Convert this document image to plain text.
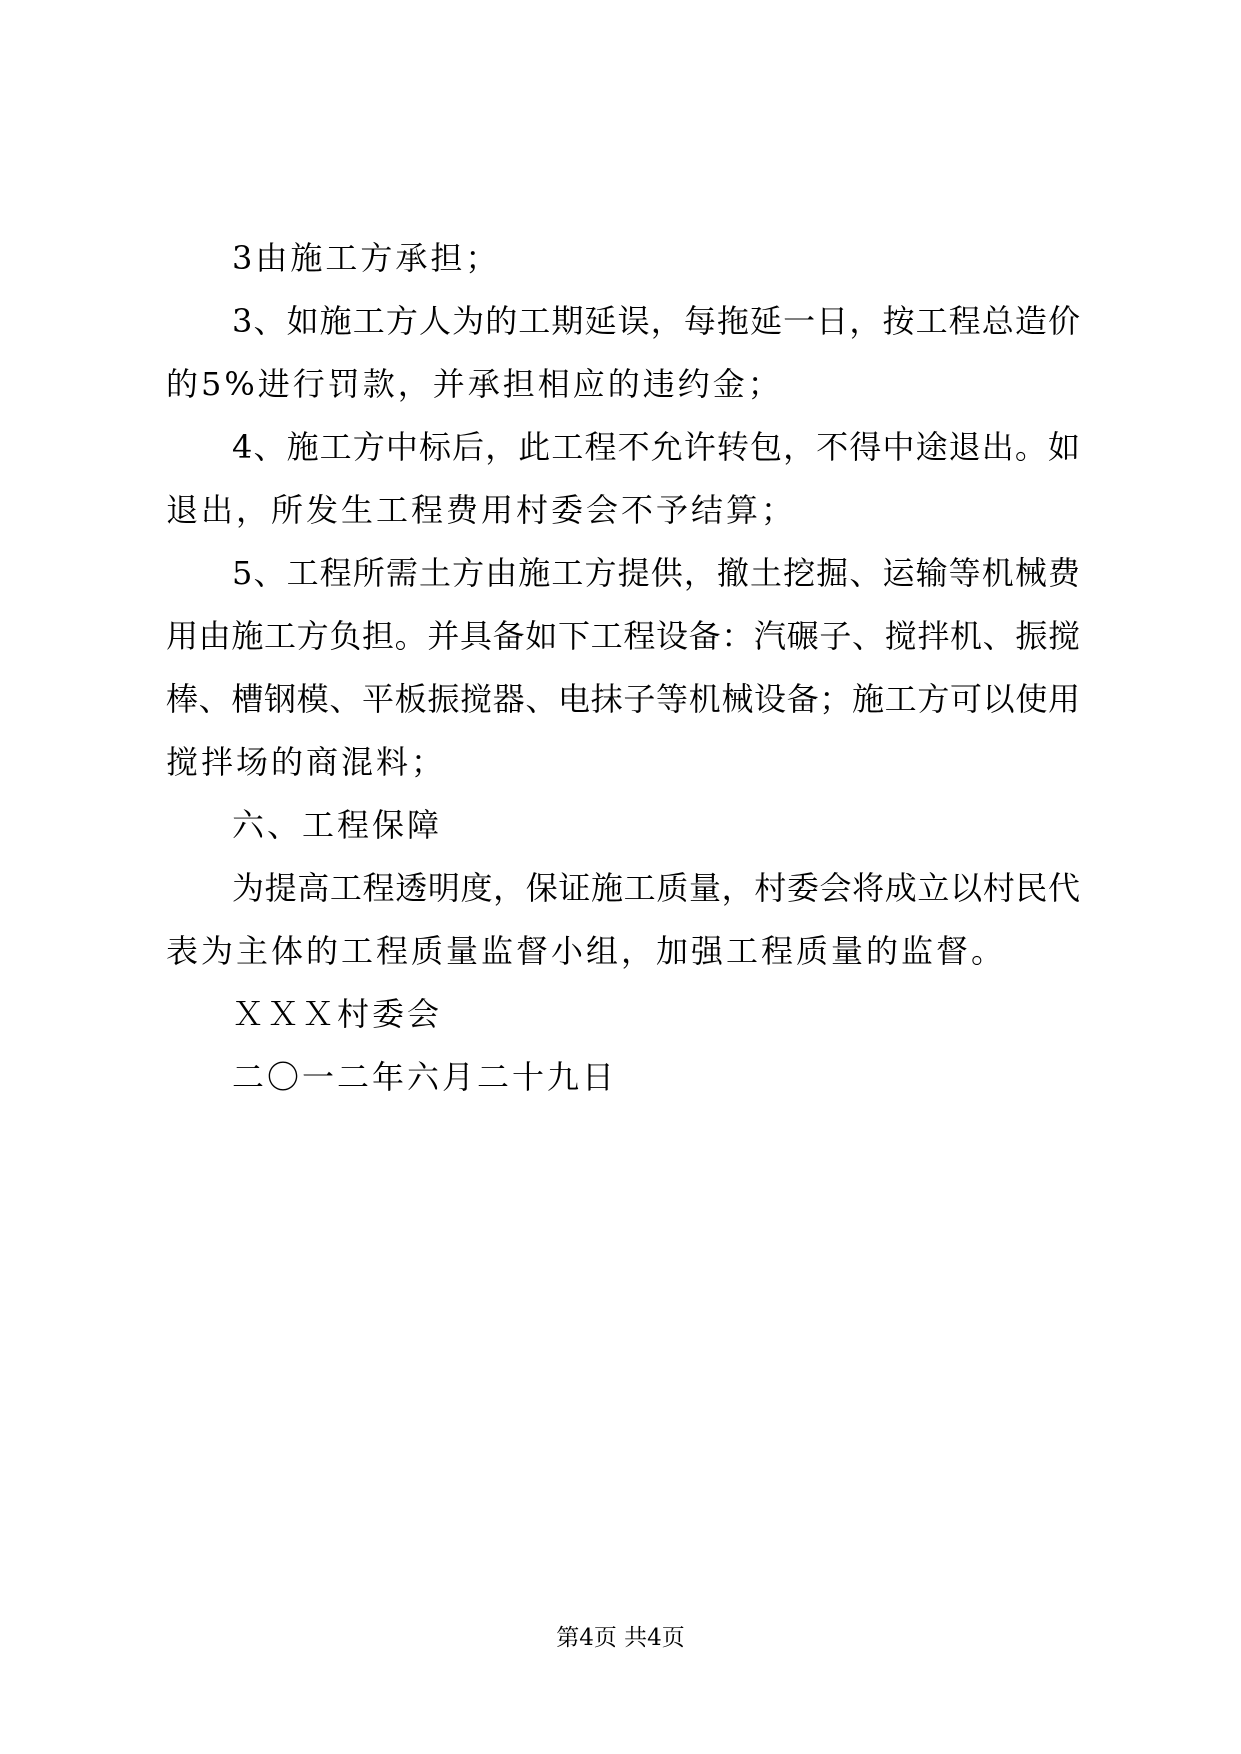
3由施工方承担；

3、如施工方人为的工期延误，每拖延一日，按工程总造价

的5%进行罚款，并承担相应的违约金；

4、施工方中标后，此工程不允许转包，不得中途退出。如

退出，所发生工程费用村委会不予结算；

5、工程所需土方由施工方提供，撤土挖掘、运输等机械费

用由施工方负担。并具备如下工程设备：汽碾子、搅拌机、振搅

棒、槽钢模、平板振搅器、电抹子等机械设备；施工方可以使用

搅拌场的商混料；

六、工程保障

为提高工程透明度，保证施工质量，村委会将成立以村民代

表为主体的工程质量监督小组，加强工程质量的监督。

ＸＸＸ村委会

二〇一二年六月二十九日

第4页 共4页
